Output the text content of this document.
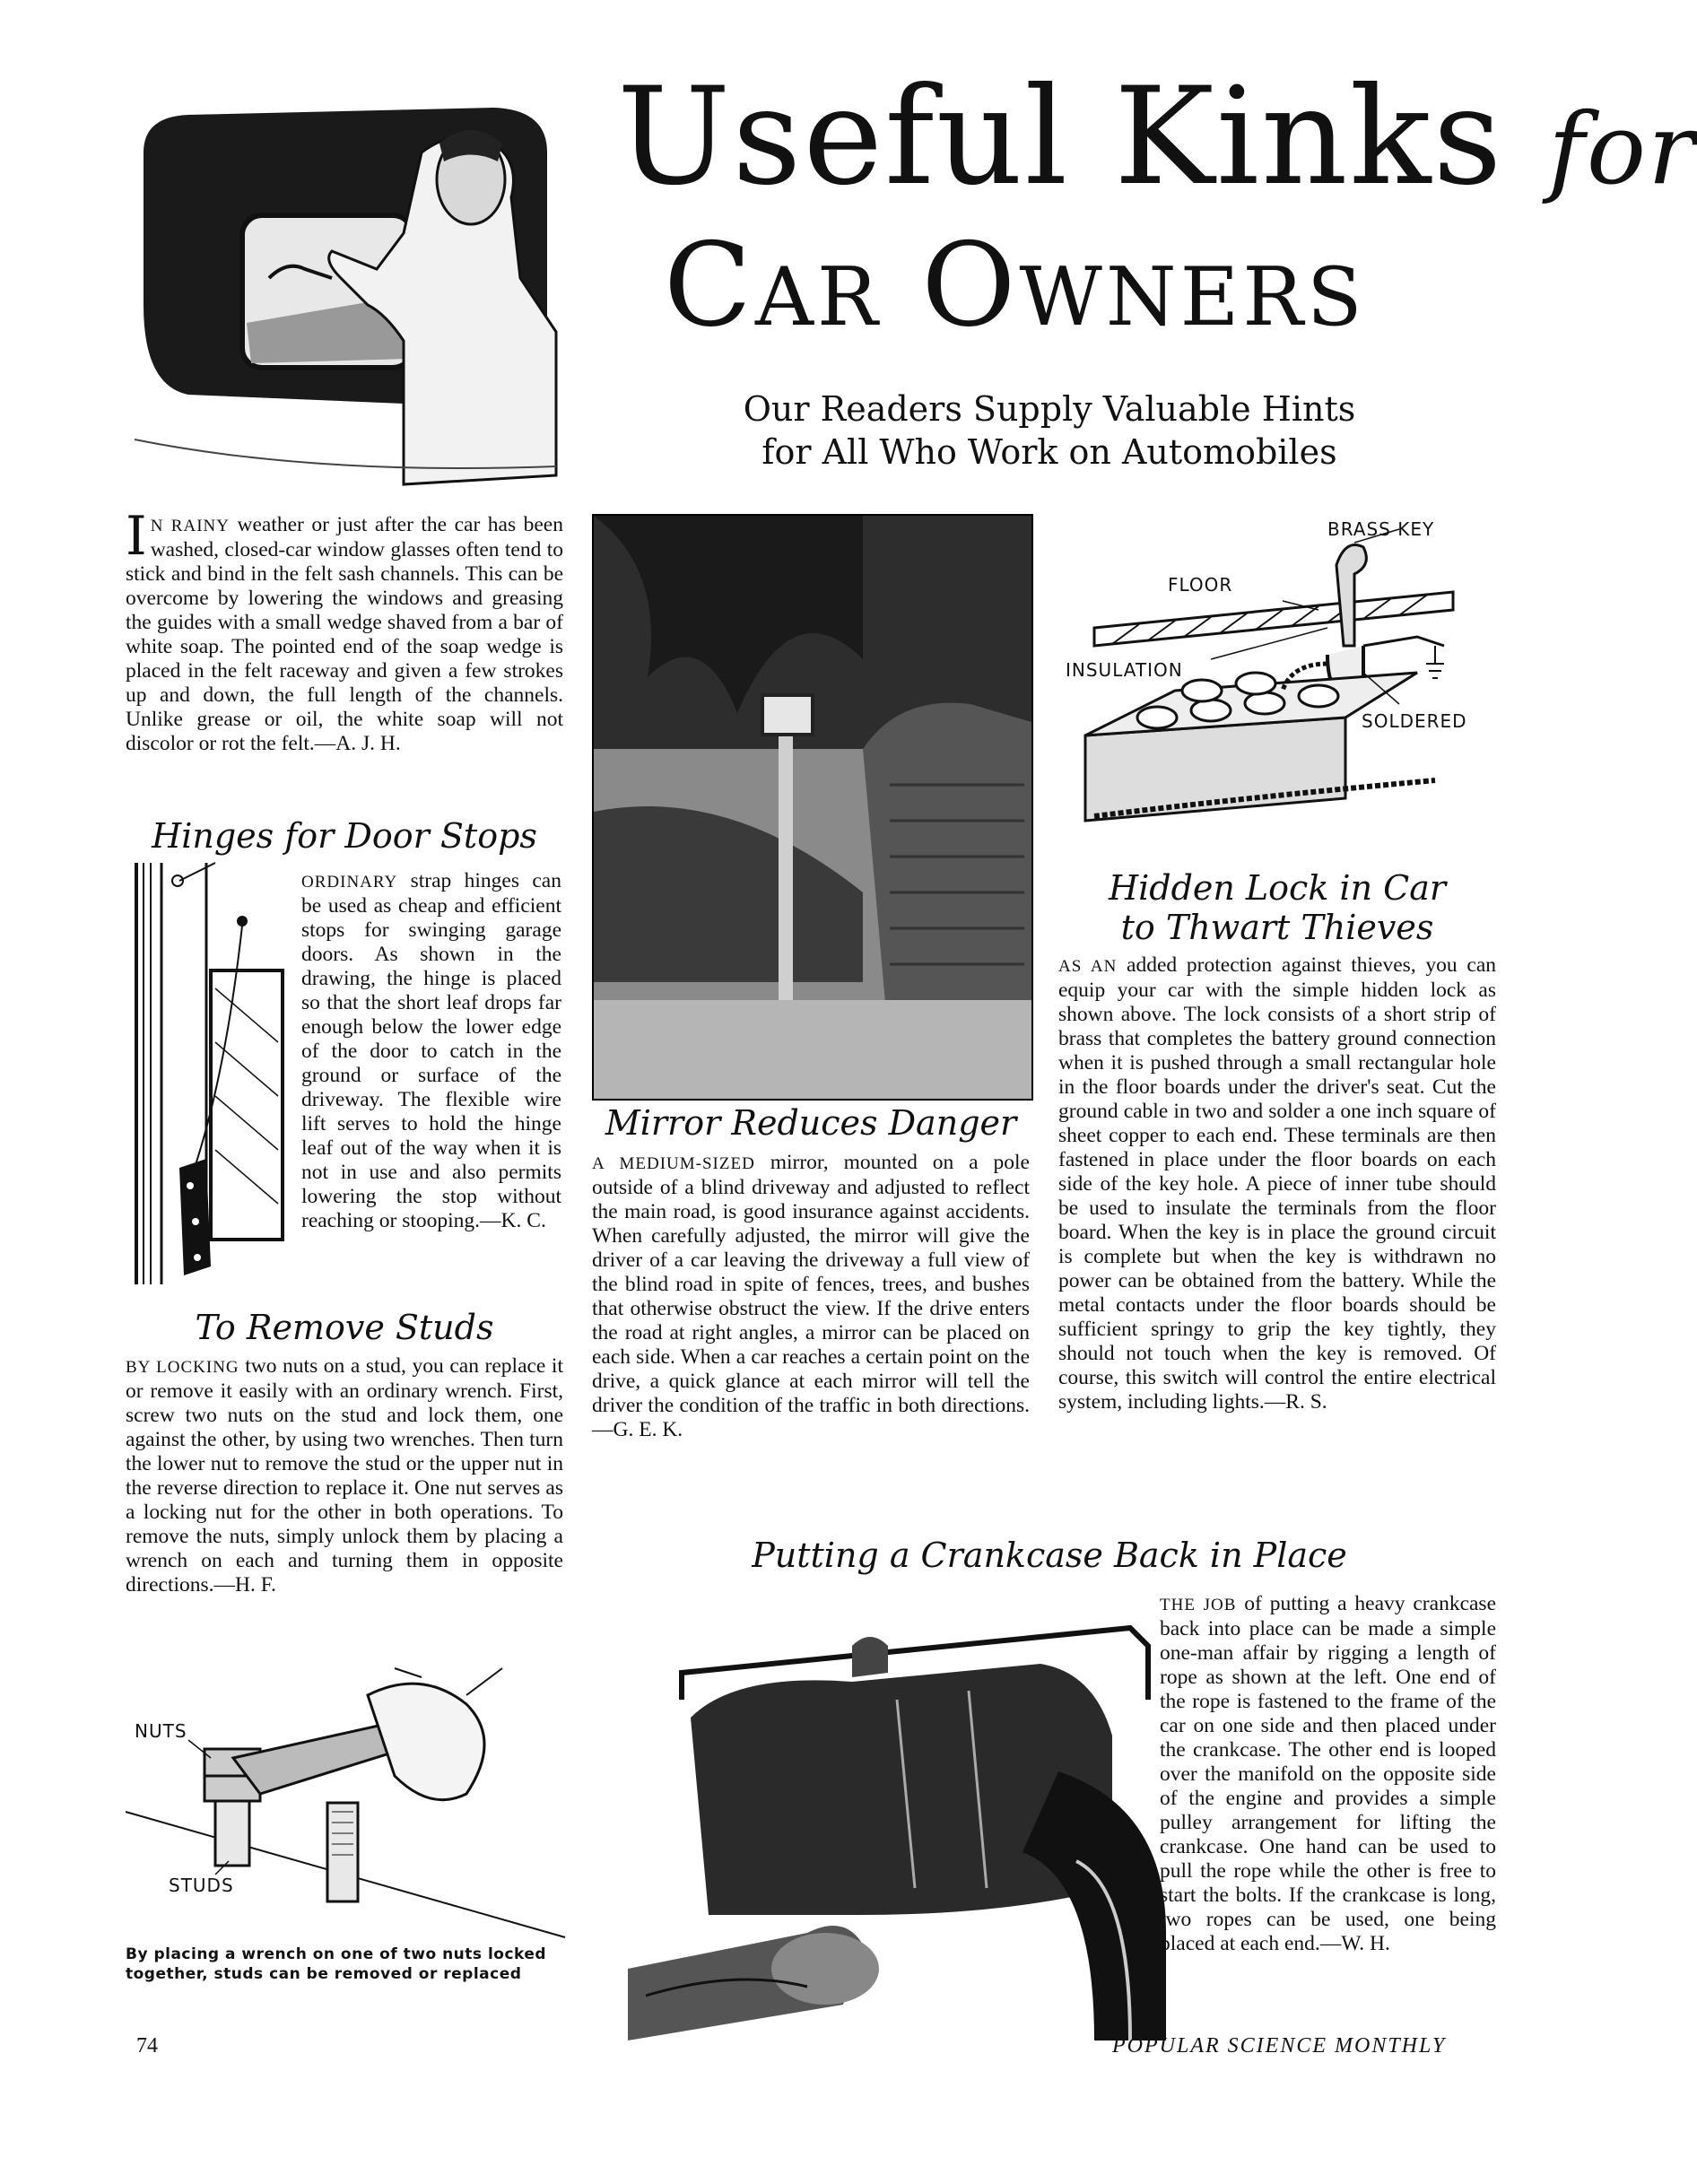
Useful Kinks for
Car Owners
Our Readers Supply Valuable Hints
for All Who Work on Automobiles
I N RAINY weather or just after the car has been washed, closed-car window glasses often tend to stick and bind in the felt sash channels. This can be overcome by lowering the windows and greasing the guides with a small wedge shaved from a bar of white soap. The pointed end of the soap wedge is placed in the felt raceway and given a few strokes up and down, the full length of the channels. Unlike grease or oil, the white soap will not discolor or rot the felt.—A. J. H.
Hinges for Door Stops
ORDINARY strap hinges can be used as cheap and efficient stops for swinging garage doors. As shown in the drawing, the hinge is placed so that the short leaf drops far enough below the lower edge of the door to catch in the ground or surface of the driveway. The flexible wire lift serves to hold the hinge leaf out of the way when it is not in use and also permits lowering the stop without reaching or stooping.—K. C.
To Remove Studs
BY LOCKING two nuts on a stud, you can replace it or remove it easily with an ordinary wrench. First, screw two nuts on the stud and lock them, one against the other, by using two wrenches. Then turn the lower nut to remove the stud or the upper nut in the reverse direction to replace it. One nut serves as a locking nut for the other in both operations. To remove the nuts, simply unlock them by placing a wrench on each and turning them in opposite directions.—H. F.
NUTS
STUDS
By placing a wrench on one of two nuts locked
together, studs can be removed or replaced
Mirror Reduces Danger
A MEDIUM-SIZED mirror, mounted on a pole outside of a blind driveway and adjusted to reflect the main road, is good insurance against accidents. When carefully adjusted, the mirror will give the driver of a car leaving the driveway a full view of the blind road in spite of fences, trees, and bushes that otherwise obstruct the view. If the drive enters the road at right angles, a mirror can be placed on each side. When a car reaches a certain point on the drive, a quick glance at each mirror will tell the driver the condition of the traffic in both directions.—G. E. K.
BRASS KEY
FLOOR
INSULATION
SOLDERED
Hidden Lock in Car
to Thwart Thieves
AS AN added protection against thieves, you can equip your car with the simple hidden lock as shown above. The lock consists of a short strip of brass that completes the battery ground connection when it is pushed through a small rectangular hole in the floor boards under the driver's seat. Cut the ground cable in two and solder a one inch square of sheet copper to each end. These terminals are then fastened in place under the floor boards on each side of the key hole. A piece of inner tube should be used to insulate the terminals from the floor board. When the key is in place the ground circuit is complete but when the key is withdrawn no power can be obtained from the battery. While the metal contacts under the floor boards should be sufficient springy to grip the key tightly, they should not touch when the key is removed. Of course, this switch will control the entire electrical system, including lights.—R. S.
Putting a Crankcase Back in Place
THE JOB of putting a heavy crankcase back into place can be made a simple one-man affair by rigging a length of rope as shown at the left. One end of the rope is fastened to the frame of the car on one side and then placed under the crankcase. The other end is looped over the manifold on the opposite side of the engine and provides a simple pulley arrangement for lifting the crankcase. One hand can be used to pull the rope while the other is free to start the bolts. If the crankcase is long, two ropes can be used, one being placed at each end.—W. H.
74	POPULAR SCIENCE MONTHLY
